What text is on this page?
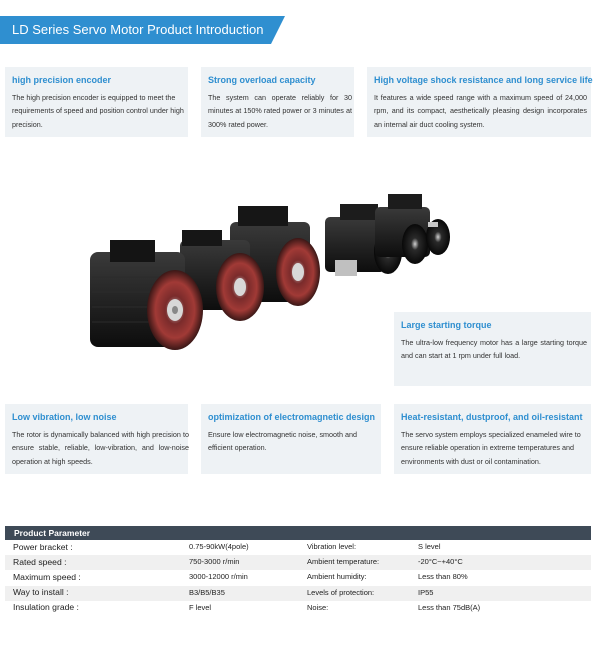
LD Series Servo Motor Product Introduction
high precision encoder
The high precision encoder is equipped to meet the requirements of speed and position control under high precision.
Strong overload capacity
The system can operate reliably for 30 minutes at 150% rated power or 3 minutes at 300% rated power.
High voltage shock resistance and long service life
It features a wide speed range with a maximum speed of 24,000 rpm, and its compact, aesthetically pleasing design incorporates an internal air duct cooling system.
Large starting torque
The ultra-low frequency motor has a large starting torque and can start at 1 rpm under full load.
Low vibration, low noise
The rotor is dynamically balanced with high precision to ensure stable, reliable, low-vibration, and low-noise operation at high speeds.
optimization of electromagnetic design
Ensure low electromagnetic noise, smooth and efficient operation.
Heat-resistant, dustproof, and oil-resistant
The servo system employs specialized enameled wire to ensure reliable operation in extreme temperatures and environments with dust or oil contamination.
Product Parameter
Power bracket :	0.75-90kW(4pole)	Vibration level:	S level
Rated speed :	750-3000 r/min	Ambient temperature:	-20°C~+40°C
Maximum speed :	3000-12000 r/min	Ambient humidity:	Less than 80%
Way to install :	B3/B5/B35	Levels of protection:	IP55
Insulation grade :	F level	Noise:	Less than 75dB(A)
